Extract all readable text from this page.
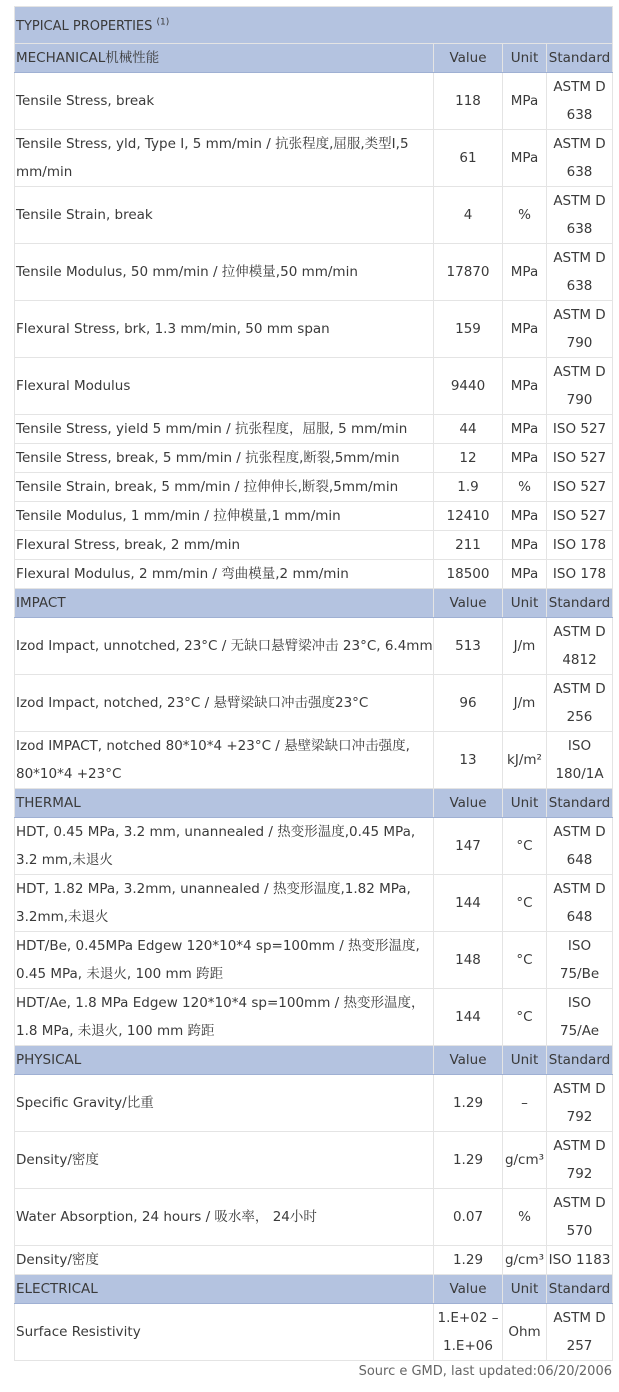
TYPICAL PROPERTIES $^{(1)}$
MECHANICAL机械性能	Value	Unit	Standard
Tensile Stress, break	118	MPa	ASTM D 638
Tensile Stress, yld, Type I, 5 mm/min / 抗张程度,屈服,类型I,5 mm/min	61	MPa	ASTM D 638
Tensile Strain, break	4	%	ASTM D 638
Tensile Modulus, 50 mm/min / 拉伸模量,50 mm/min	17870	MPa	ASTM D 638
Flexural Stress, brk, 1.3 mm/min, 50 mm span	159	MPa	ASTM D 790
Flexural Modulus	9440	MPa	ASTM D 790
Tensile Stress, yield 5 mm/min / 抗张程度，屈服, 5 mm/min	44	MPa	ISO 527
Tensile Stress, break, 5 mm/min / 抗张程度,断裂,5mm/min	12	MPa	ISO 527
Tensile Strain, break, 5 mm/min / 拉伸伸长,断裂,5mm/min	1.9	%	ISO 527
Tensile Modulus, 1 mm/min / 拉伸模量,1 mm/min	12410	MPa	ISO 527
Flexural Stress, break, 2 mm/min	211	MPa	ISO 178
Flexural Modulus, 2 mm/min / 弯曲模量,2 mm/min	18500	MPa	ISO 178
IMPACT	Value	Unit	Standard
Izod Impact, unnotched, 23°C / 无缺口悬臂梁冲击 23°C, 6.4mm	513	J/m	ASTM D 4812
Izod Impact, notched, 23°C / 悬臂梁缺口冲击强度23°C	96	J/m	ASTM D 256
Izod IMPACT, notched 80*10*4 +23°C / 悬壁梁缺口冲击强度, 80*10*4 +23°C	13	kJ/m²	ISO 180/1A
THERMAL	Value	Unit	Standard
HDT, 0.45 MPa, 3.2 mm, unannealed / 热变形温度,0.45 MPa, 3.2 mm,未退火	147	°C	ASTM D 648
HDT, 1.82 MPa, 3.2mm, unannealed / 热变形温度,1.82 MPa, 3.2mm,未退火	144	°C	ASTM D 648
HDT/Be, 0.45MPa Edgew 120*10*4 sp=100mm / 热变形温度, 0.45 MPa, 未退火, 100 mm 跨距	148	°C	ISO 75/Be
HDT/Ae, 1.8 MPa Edgew 120*10*4 sp=100mm / 热变形温度，1.8 MPa, 未退火, 100 mm 跨距	144	°C	ISO 75/Ae
PHYSICAL	Value	Unit	Standard
Specific Gravity/比重	1.29	–	ASTM D 792
Density/密度	1.29	g/cm³	ASTM D 792
Water Absorption, 24 hours / 吸水率， 24小时	0.07	%	ASTM D 570
Density/密度	1.29	g/cm³	ISO 1183
ELECTRICAL	Value	Unit	Standard
Surface Resistivity	1.E+02 – 1.E+06	Ohm	ASTM D 257
Sourc e GMD, last updated:06/20/2006
